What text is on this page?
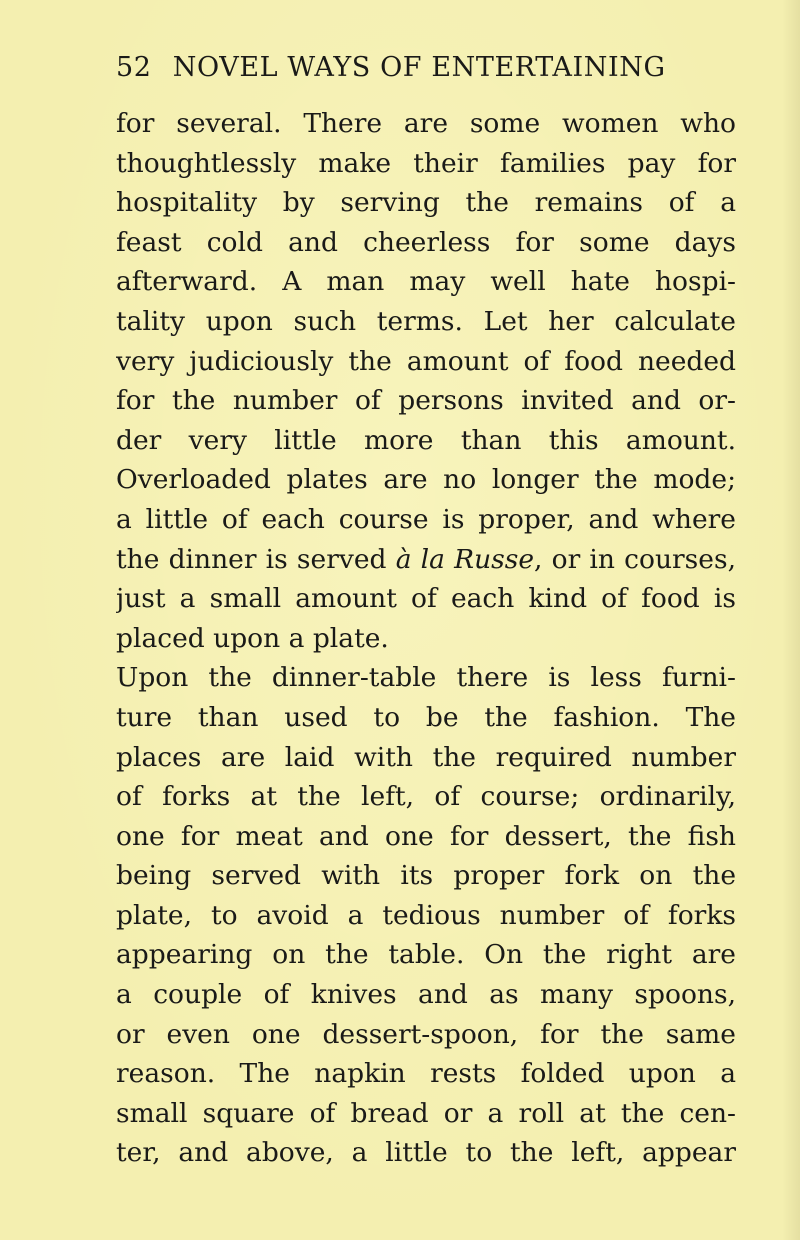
52 NOVEL WAYS OF ENTERTAINING
for several. There are some women who
thoughtlessly make their families pay for
hospitality by serving the remains of a
feast cold and cheerless for some days
afterward. A man may well hate hospi-
tality upon such terms. Let her calculate
very judiciously the amount of food needed
for the number of persons invited and or-
der very little more than this amount.
Overloaded plates are no longer the mode;
a little of each course is proper, and where
the dinner is served à la Russe, or in courses,
just a small amount of each kind of food is
placed upon a plate.
Upon the dinner-table there is less furni-
ture than used to be the fashion. The
places are laid with the required number
of forks at the left, of course; ordinarily,
one for meat and one for dessert, the fish
being served with its proper fork on the
plate, to avoid a tedious number of forks
appearing on the table. On the right are
a couple of knives and as many spoons,
or even one dessert-spoon, for the same
reason. The napkin rests folded upon a
small square of bread or a roll at the cen-
ter, and above, a little to the left, appear
